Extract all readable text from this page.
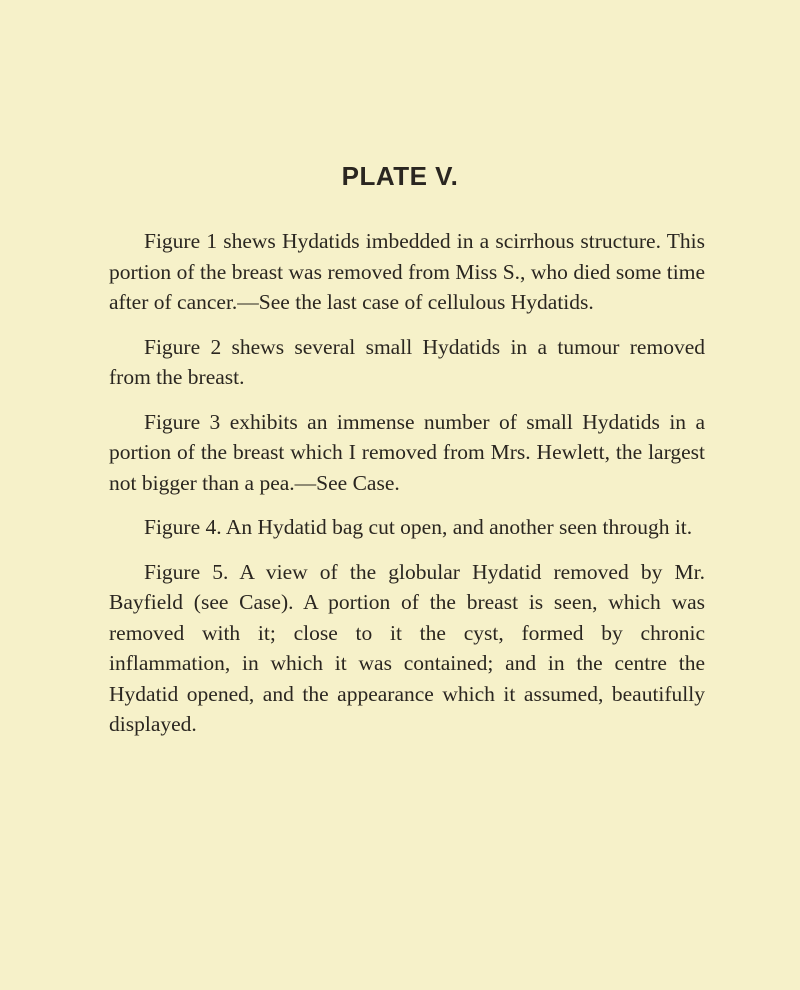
PLATE V.

Figure 1 shews Hydatids imbedded in a scirrhous structure. This portion of the breast was removed from Miss S., who died some time after of cancer.—See the last case of cellulous Hydatids.

Figure 2 shews several small Hydatids in a tumour removed from the breast.

Figure 3 exhibits an immense number of small Hydatids in a portion of the breast which I removed from Mrs. Hewlett, the largest not bigger than a pea.—See Case.

Figure 4. An Hydatid bag cut open, and another seen through it.

Figure 5. A view of the globular Hydatid removed by Mr. Bayfield (see Case). A portion of the breast is seen, which was removed with it; close to it the cyst, formed by chronic inflammation, in which it was contained; and in the centre the Hydatid opened, and the appearance which it assumed, beautifully displayed.
